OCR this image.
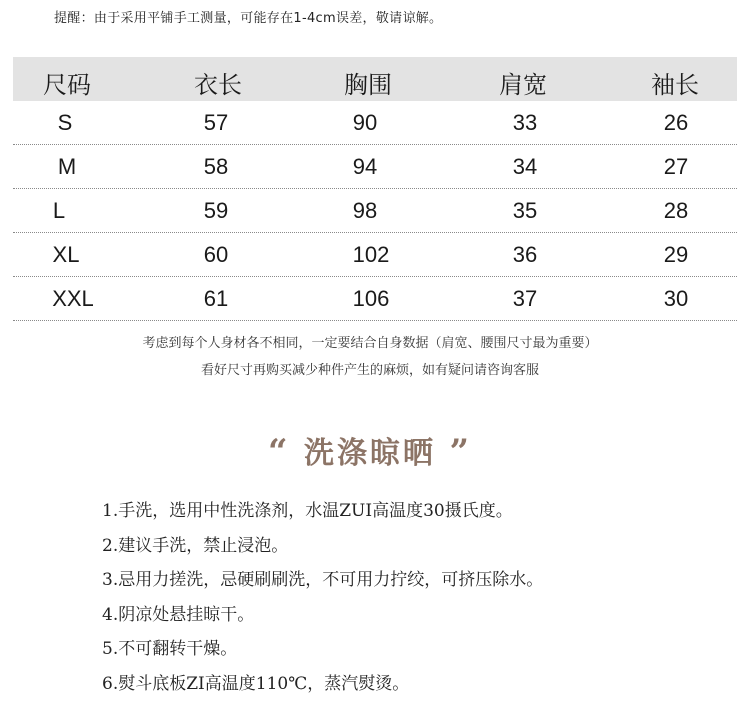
提醒：由于采用平铺手工测量，可能存在1-4cm误差，敬请谅解。
尺码	衣长	胸围	肩宽	袖长
S	57	90	33	26
M	58	94	34	27
L	59	98	35	28
XL	60	102	36	29
XXL	61	106	37	30
考虑到每个人身材各不相同，一定要结合自身数据（肩宽、腰围尺寸最为重要）
看好尺寸再购买减少种件产生的麻烦，如有疑问请咨询客服
“ 洗涤晾晒 ”
1.手洗，选用中性洗涤剂，水温ZUI高温度30摄氏度。
2.建议手洗，禁止浸泡。
3.忌用力搓洗，忌硬刷刷洗，不可用力拧绞，可挤压除水。
4.阴凉处悬挂晾干。
5.不可翻转干燥。
6.熨斗底板ZI高温度110℃，蒸汽熨烫。
